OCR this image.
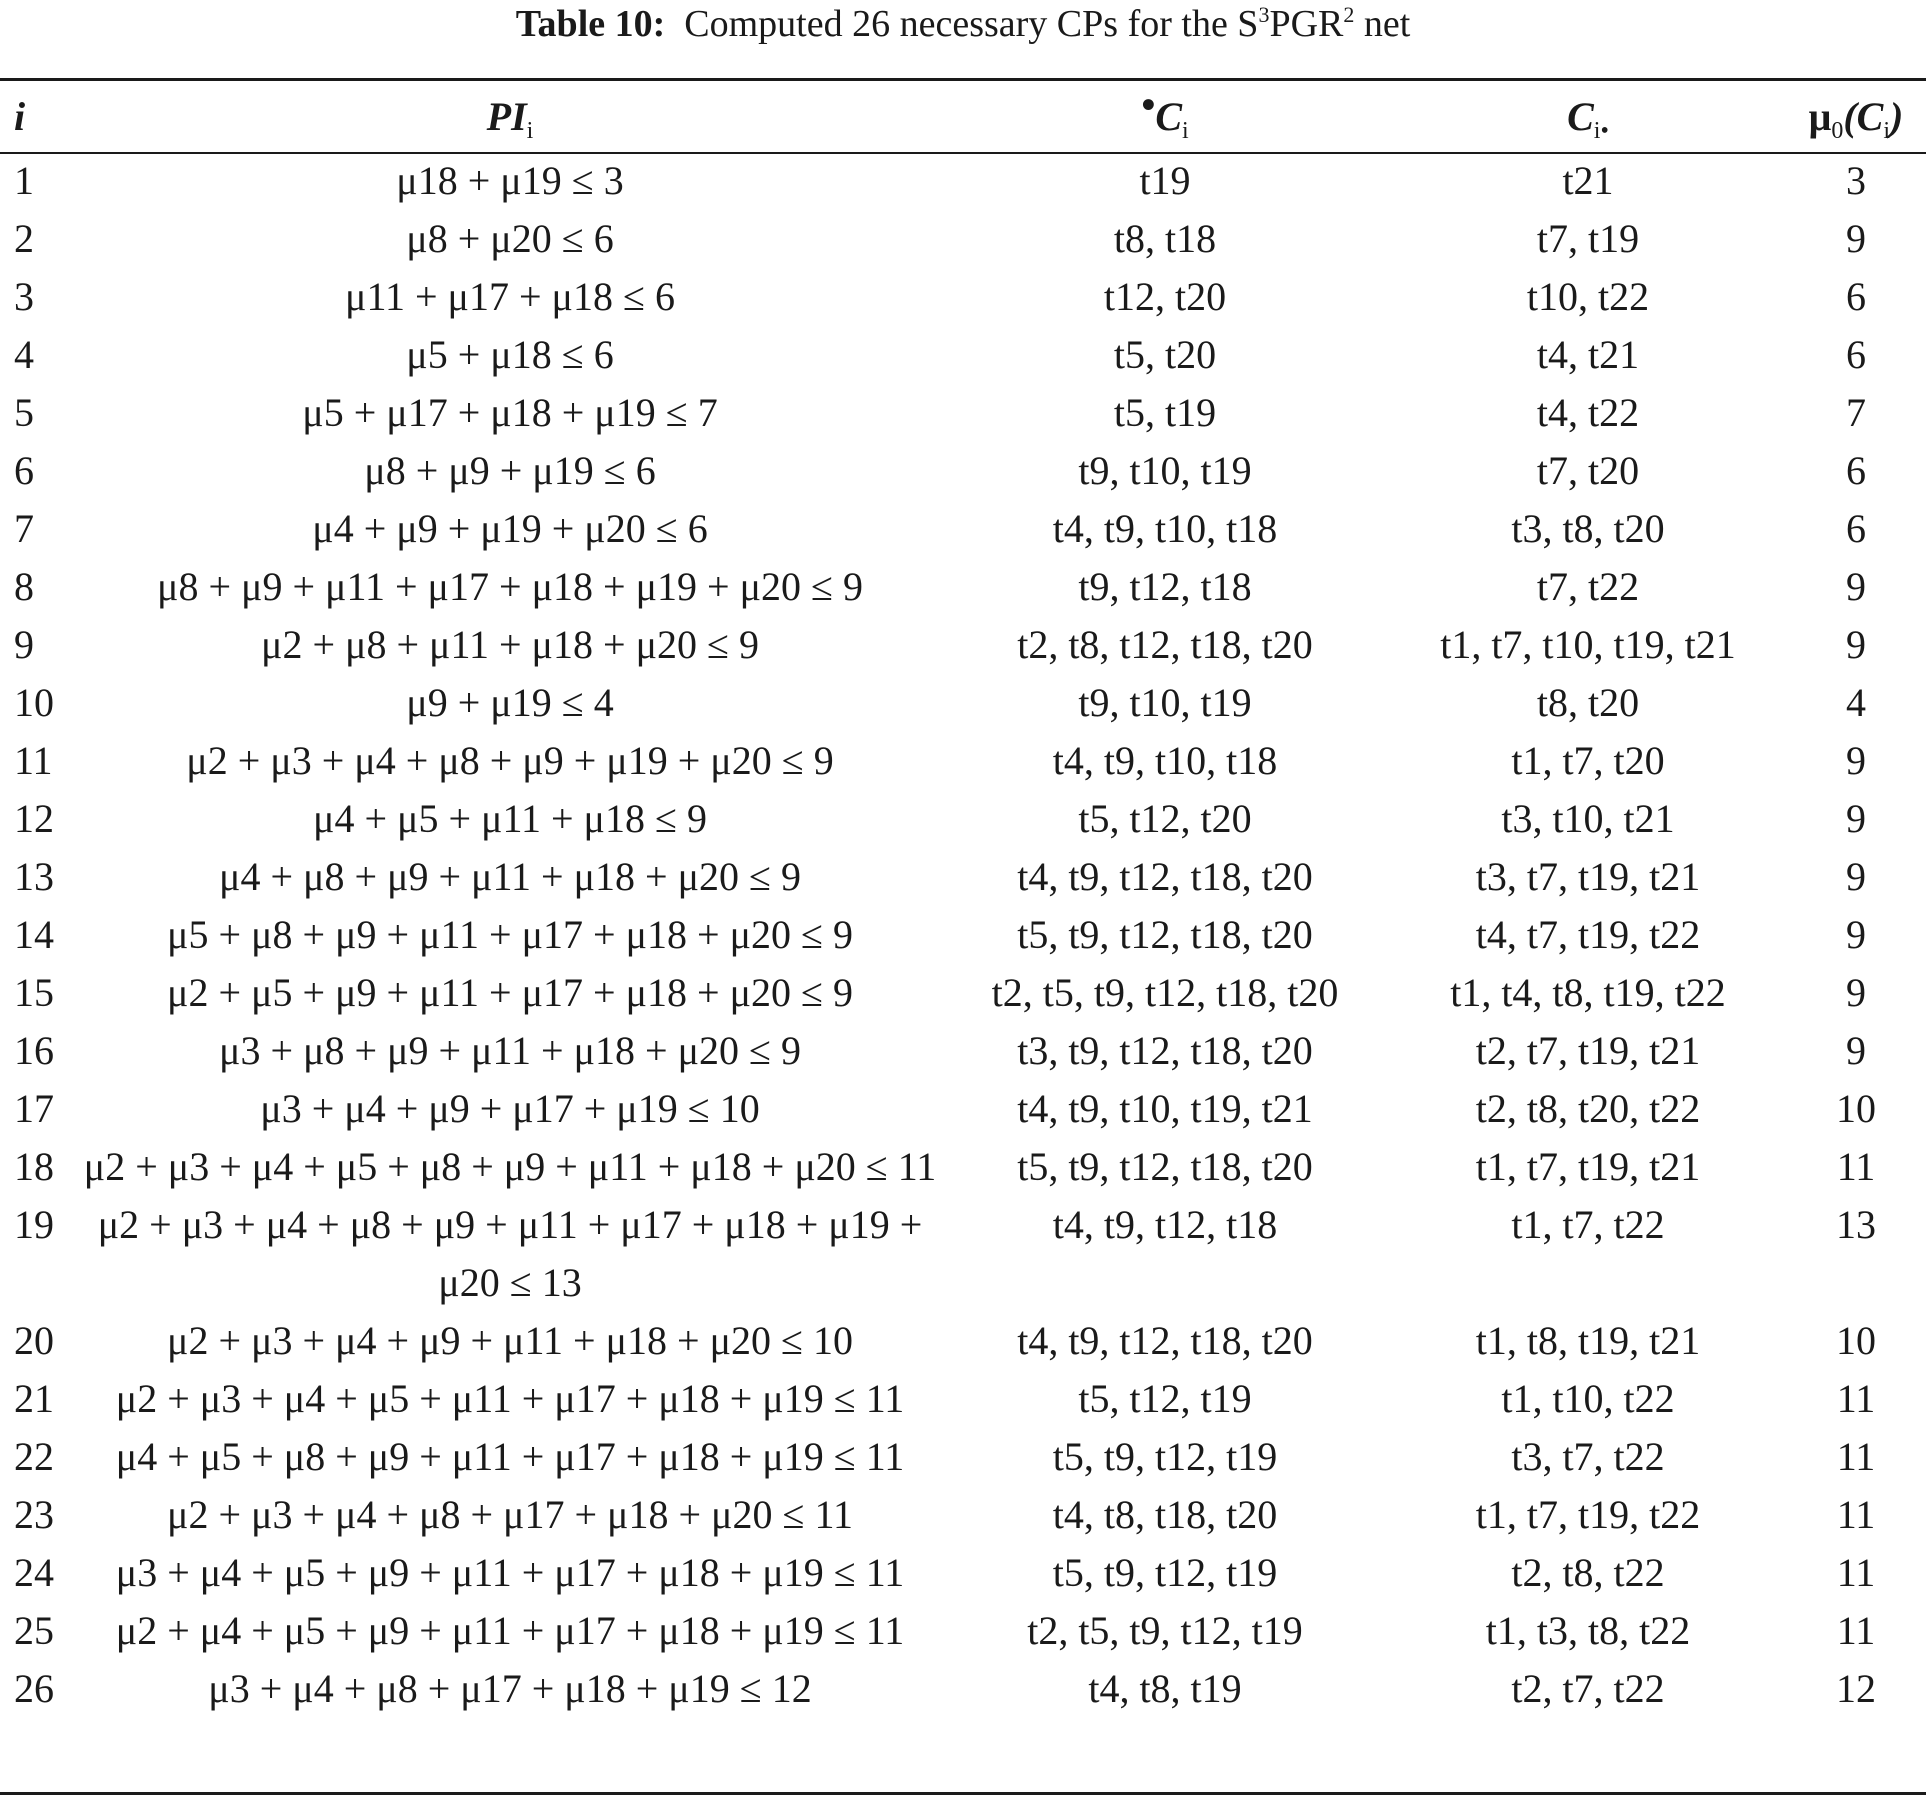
Table 10: Computed 26 necessary CPs for the $S^3PGR^2$ net
i	$PI_i$	$•C_i$	$C_{i•}$	$\mu_0(C_i)$
1	μ18 + μ19 ≤ 3	t19	t21	3
2	μ8 + μ20 ≤ 6	t8, t18	t7, t19	9
3	μ11 + μ17 + μ18 ≤ 6	t12, t20	t10, t22	6
4	μ5 + μ18 ≤ 6	t5, t20	t4, t21	6
5	μ5 + μ17 + μ18 + μ19 ≤ 7	t5, t19	t4, t22	7
6	μ8 + μ9 + μ19 ≤ 6	t9, t10, t19	t7, t20	6
7	μ4 + μ9 + μ19 + μ20 ≤ 6	t4, t9, t10, t18	t3, t8, t20	6
8	μ8 + μ9 + μ11 + μ17 + μ18 + μ19 + μ20 ≤ 9	t9, t12, t18	t7, t22	9
9	μ2 + μ8 + μ11 + μ18 + μ20 ≤ 9	t2, t8, t12, t18, t20	t1, t7, t10, t19, t21	9
10	μ9 + μ19 ≤ 4	t9, t10, t19	t8, t20	4
11	μ2 + μ3 + μ4 + μ8 + μ9 + μ19 + μ20 ≤ 9	t4, t9, t10, t18	t1, t7, t20	9
12	μ4 + μ5 + μ11 + μ18 ≤ 9	t5, t12, t20	t3, t10, t21	9
13	μ4 + μ8 + μ9 + μ11 + μ18 + μ20 ≤ 9	t4, t9, t12, t18, t20	t3, t7, t19, t21	9
14	μ5 + μ8 + μ9 + μ11 + μ17 + μ18 + μ20 ≤ 9	t5, t9, t12, t18, t20	t4, t7, t19, t22	9
15	μ2 + μ5 + μ9 + μ11 + μ17 + μ18 + μ20 ≤ 9	t2, t5, t9, t12, t18, t20	t1, t4, t8, t19, t22	9
16	μ3 + μ8 + μ9 + μ11 + μ18 + μ20 ≤ 9	t3, t9, t12, t18, t20	t2, t7, t19, t21	9
17	μ3 + μ4 + μ9 + μ17 + μ19 ≤ 10	t4, t9, t10, t19, t21	t2, t8, t20, t22	10
18	μ2 + μ3 + μ4 + μ5 + μ8 + μ9 + μ11 + μ18 + μ20 ≤ 11	t5, t9, t12, t18, t20	t1, t7, t19, t21	11
19	μ2 + μ3 + μ4 + μ8 + μ9 + μ11 + μ17 + μ18 + μ19 + μ20 ≤ 13	t4, t9, t12, t18	t1, t7, t22	13
20	μ2 + μ3 + μ4 + μ9 + μ11 + μ18 + μ20 ≤ 10	t4, t9, t12, t18, t20	t1, t8, t19, t21	10
21	μ2 + μ3 + μ4 + μ5 + μ11 + μ17 + μ18 + μ19 ≤ 11	t5, t12, t19	t1, t10, t22	11
22	μ4 + μ5 + μ8 + μ9 + μ11 + μ17 + μ18 + μ19 ≤ 11	t5, t9, t12, t19	t3, t7, t22	11
23	μ2 + μ3 + μ4 + μ8 + μ17 + μ18 + μ20 ≤ 11	t4, t8, t18, t20	t1, t7, t19, t22	11
24	μ3 + μ4 + μ5 + μ9 + μ11 + μ17 + μ18 + μ19 ≤ 11	t5, t9, t12, t19	t2, t8, t22	11
25	μ2 + μ4 + μ5 + μ9 + μ11 + μ17 + μ18 + μ19 ≤ 11	t2, t5, t9, t12, t19	t1, t3, t8, t22	11
26	μ3 + μ4 + μ8 + μ17 + μ18 + μ19 ≤ 12	t4, t8, t19	t2, t7, t22	12
